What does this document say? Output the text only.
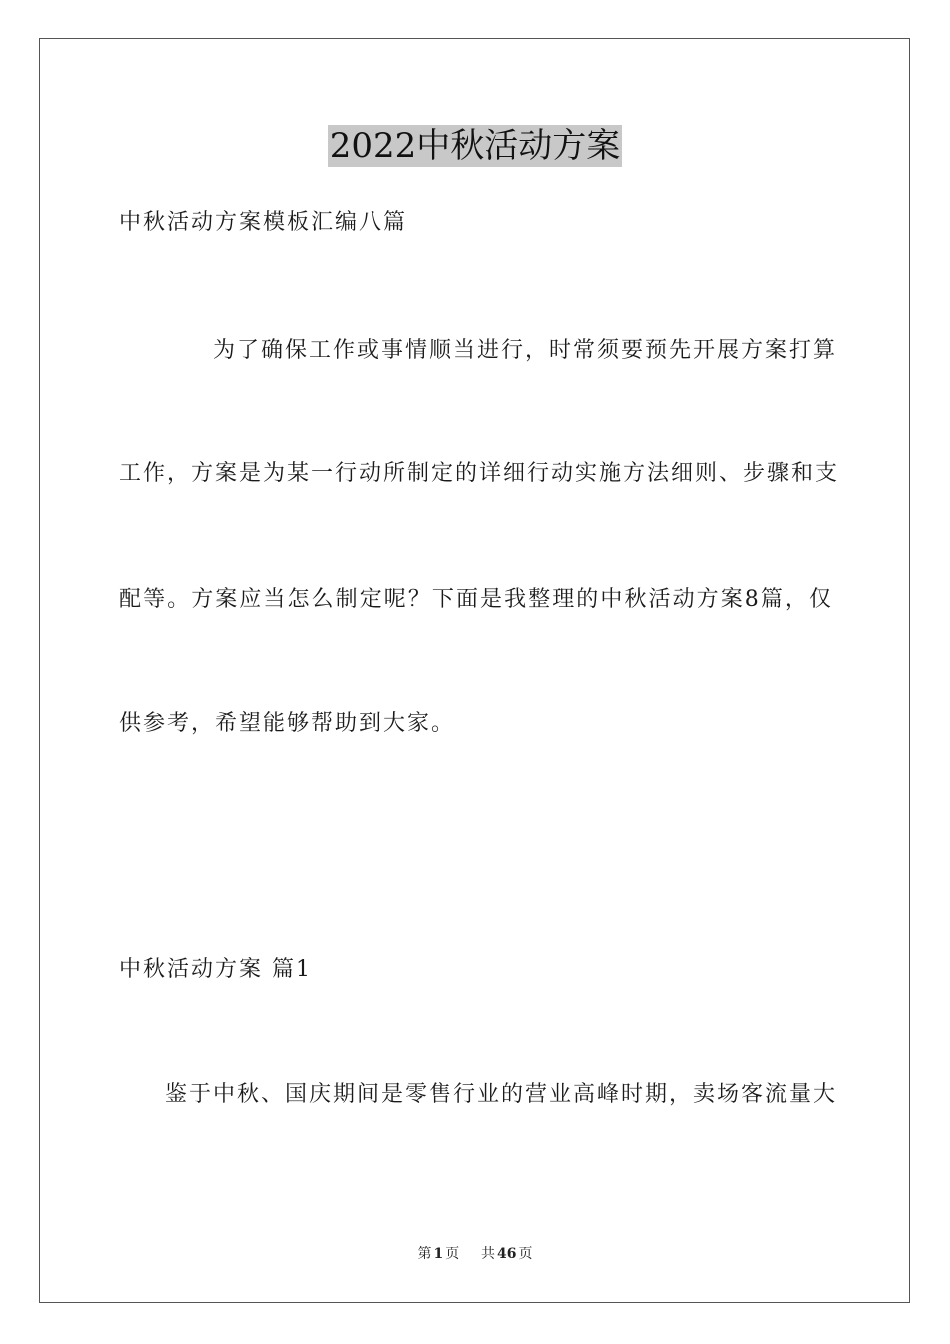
2022中秋活动方案
中秋活动方案模板汇编八篇
为了确保工作或事情顺当进行，时常须要预先开展方案打算
工作，方案是为某一行动所制定的详细行动实施方法细则、步骤和支
配等。方案应当怎么制定呢？下面是我整理的中秋活动方案8篇，仅
供参考，希望能够帮助到大家。
中秋活动方案 篇1
鉴于中秋、国庆期间是零售行业的营业高峰时期，卖场客流量大
第 1 页 共 46 页
